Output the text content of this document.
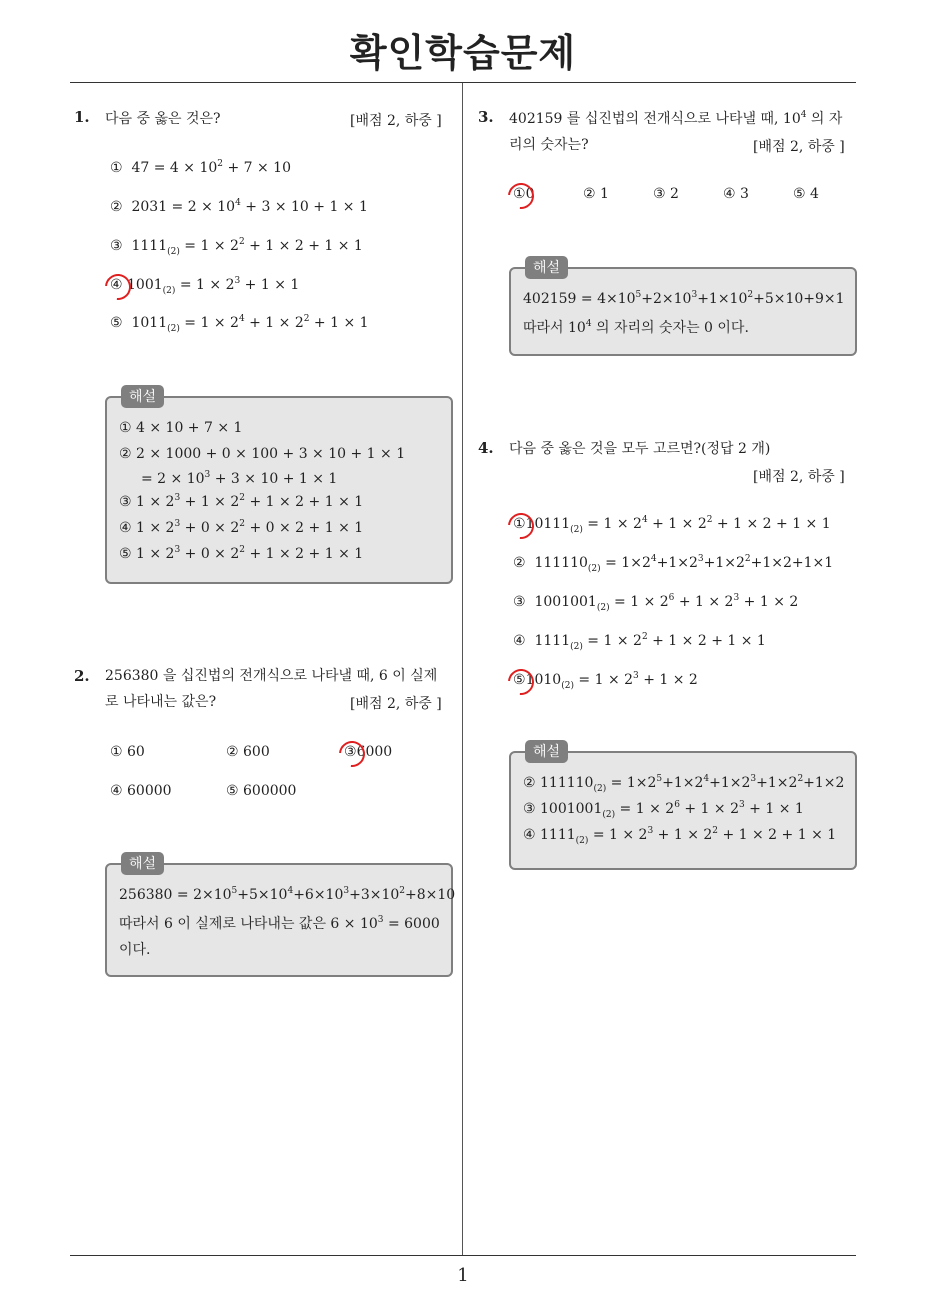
확인학습문제
1
1. 다음 중 옳은 것은?	[배점 2, 하중 ]
① $47 = 4 \times 10^2 + 7 \times 10$
② $2031 = 2 \times 10^4 + 3 \times 10 + 1 \times 1$
③ $1111_{(2)} = 1 \times 2^2 + 1 \times 2 + 1 \times 1$
④ $1001_{(2)} = 1 \times 2^3 + 1 \times 1$
⑤ $1011_{(2)} = 1 \times 2^4 + 1 \times 2^2 + 1 \times 1$
해설
① 4 × 10 + 7 × 1
② 2 × 1000 + 0 × 100 + 3 × 10 + 1 × 1
= $2 \times 10^3 + 3 \times 10 + 1 \times 1$
③ $1 \times 2^3 + 1 \times 2^2 + 1 \times 2 + 1 \times 1$
④ $1 \times 2^3 + 0 \times 2^2 + 0 \times 2 + 1 \times 1$
⑤ $1 \times 2^3 + 0 \times 2^2 + 1 \times 2 + 1 \times 1$
2. 256380 을 십진법의 전개식으로 나타낼 때, 6 이 실제
로 나타내는 값은?	[배점 2, 하중 ]
① 60	② 600	③6000
④ 60000	⑤ 600000
해설
$256380 = 2\times 10^5+5\times 10^4+6\times 10^3+3\times 10^2+8\times 10$
따라서 6 이 실제로 나타내는 값은 $6 \times 10^3 = 6000$
이다.
3. 402159 를 십진법의 전개식으로 나타낼 때, $10^4$ 의 자
리의 숫자는?	[배점 2, 하중 ]
①0	② 1	③ 2	④ 3	⑤ 4
해설
$402159 = 4\times 10^5+2\times 10^3+1\times 10^2+5\times 10+9\times 1$
따라서 $10^4$ 의 자리의 숫자는 0 이다.
4. 다음 중 옳은 것을 모두 고르면?(정답 2 개)
[배점 2, 하중 ]
$①10111_{(2)} = 1 \times 2^4 + 1 \times 2^2 + 1 \times 2 + 1 \times 1$
② $111110_{(2)} = 1\times 2^4+1\times 2^3+1\times 2^2+1\times 2+1\times 1$
③ $1001001_{(2)} = 1 \times 2^6 + 1 \times 2^3 + 1 \times 2$
④ $1111_{(2)} = 1 \times 2^2 + 1 \times 2 + 1 \times 1$
$⑤1010_{(2)} = 1 \times 2^3 + 1 \times 2$
해설
② $111110_{(2)} = 1\times 2^5+1\times 2^4+1\times 2^3+1\times 2^2+1\times 2$
③ $1001001_{(2)} = 1 \times 2^6 + 1 \times 2^3 + 1 \times 1$
④ $1111_{(2)} = 1 \times 2^3 + 1 \times 2^2 + 1 \times 2 + 1 \times 1$
